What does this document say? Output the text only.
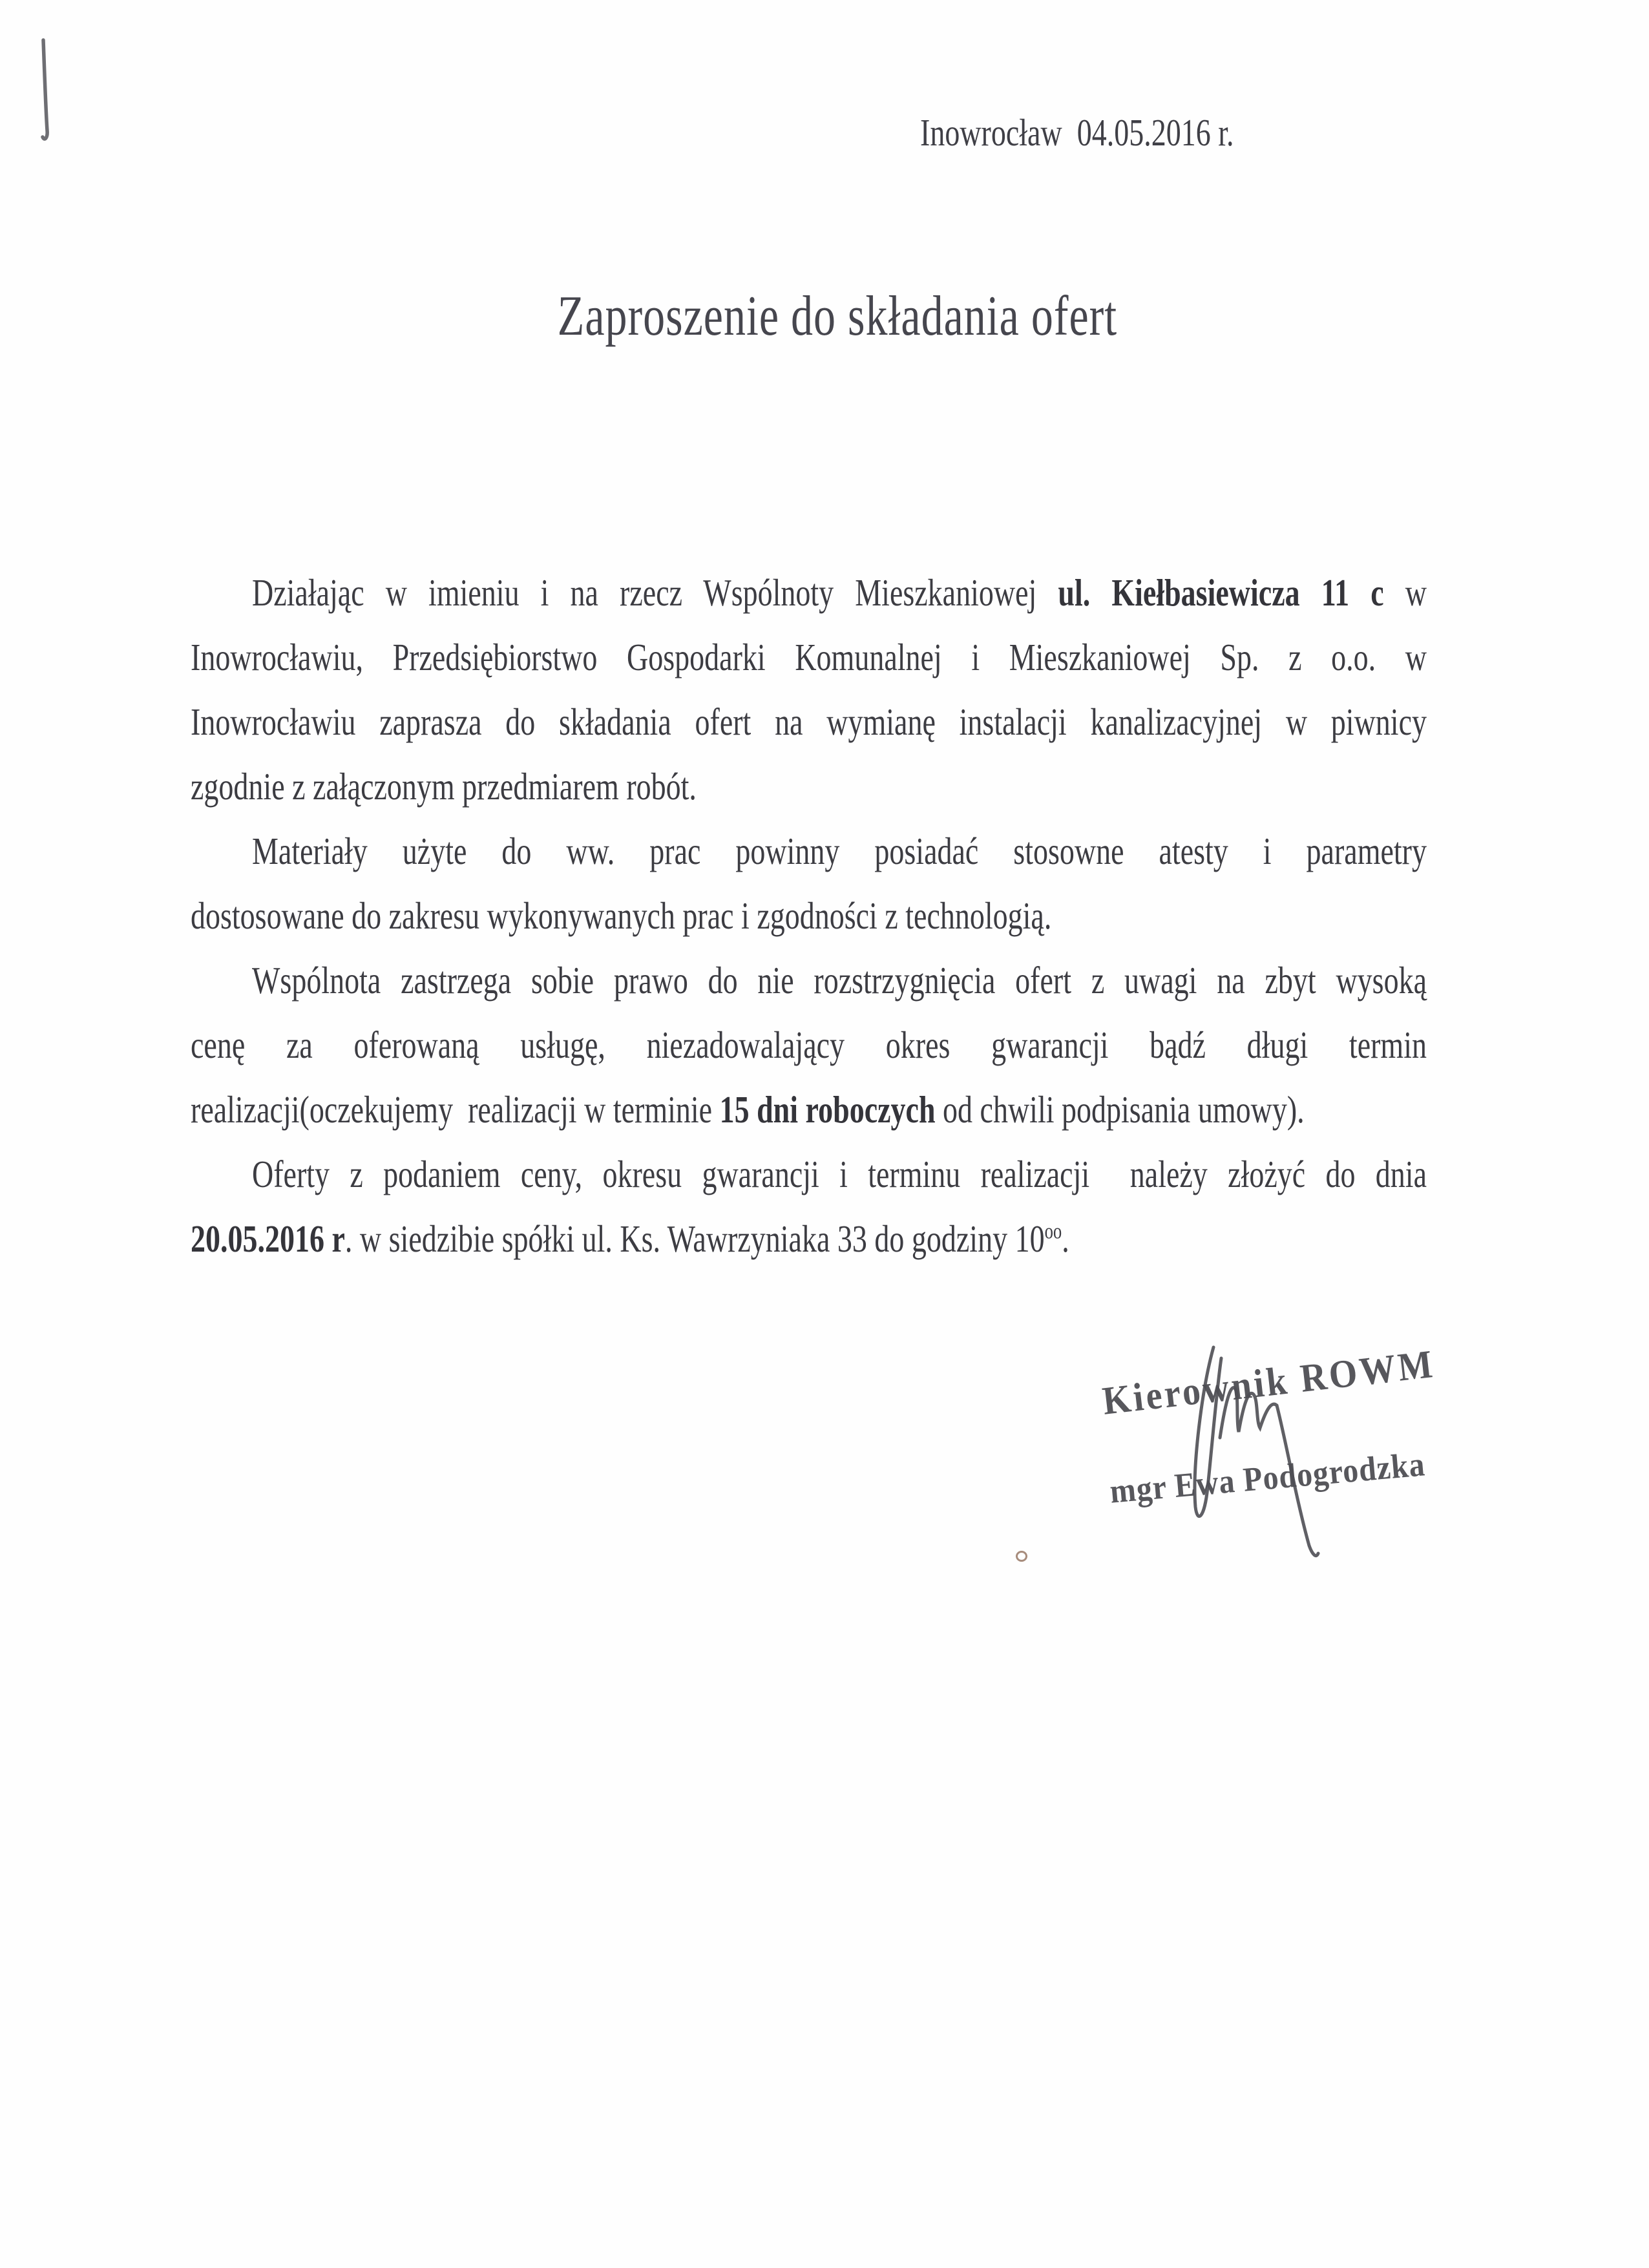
Inowrocław  04.05.2016 r.
Zaproszenie do składania ofert
Działając w imieniu i na rzecz Wspólnoty Mieszkaniowej ul. Kiełbasiewicza 11 c w
Inowrocławiu, Przedsiębiorstwo Gospodarki Komunalnej i Mieszkaniowej Sp. z o.o. w
Inowrocławiu zaprasza do składania ofert na wymianę instalacji kanalizacyjnej w piwnicy
zgodnie z załączonym przedmiarem robót.
Materiały użyte do ww. prac powinny posiadać stosowne atesty i parametry
dostosowane do zakresu wykonywanych prac i zgodności z technologią.
Wspólnota zastrzega sobie prawo do nie rozstrzygnięcia ofert z uwagi na zbyt wysoką
cenę za oferowaną usługę, niezadowalający okres gwarancji bądź długi termin
realizacji(oczekujemy  realizacji w terminie 15 dni roboczych od chwili podpisania umowy).
Oferty z podaniem ceny, okresu gwarancji i terminu realizacji  należy złożyć do dnia
20.05.2016 r. w siedzibie spółki ul. Ks. Wawrzyniaka 33 do godziny $10^{oo}$.
Kierownik ROWM
mgr Ewa Podogrodzka
